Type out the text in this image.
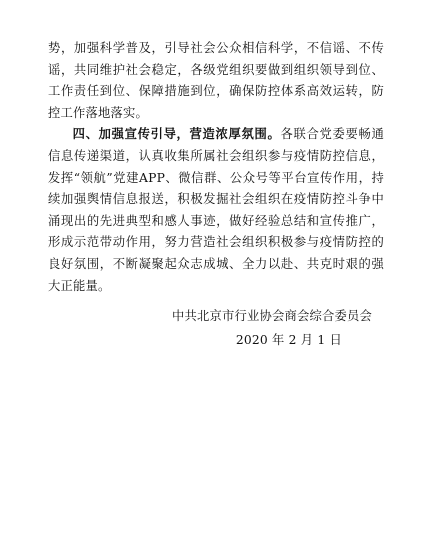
势，加强科学普及，引导社会公众相信科学，不信谣、不传谣，共同维护社会稳定，各级党组织要做到组织领导到位、工作责任到位、保障措施到位，确保防控体系高效运转，防控工作落地落实。

四、加强宣传引导，营造浓厚氛围。各联合党委要畅通信息传递渠道，认真收集所属社会组织参与疫情防控信息，发挥“领航”党建APP、微信群、公众号等平台宣传作用，持续加强舆情信息报送，积极发掘社会组织在疫情防控斗争中涌现出的先进典型和感人事迹，做好经验总结和宣传推广，形成示范带动作用，努力营造社会组织积极参与疫情防控的良好氛围，不断凝聚起众志成城、全力以赴、共克时艰的强大正能量。

中共北京市行业协会商会综合委员会
2020 年 2 月 1 日
